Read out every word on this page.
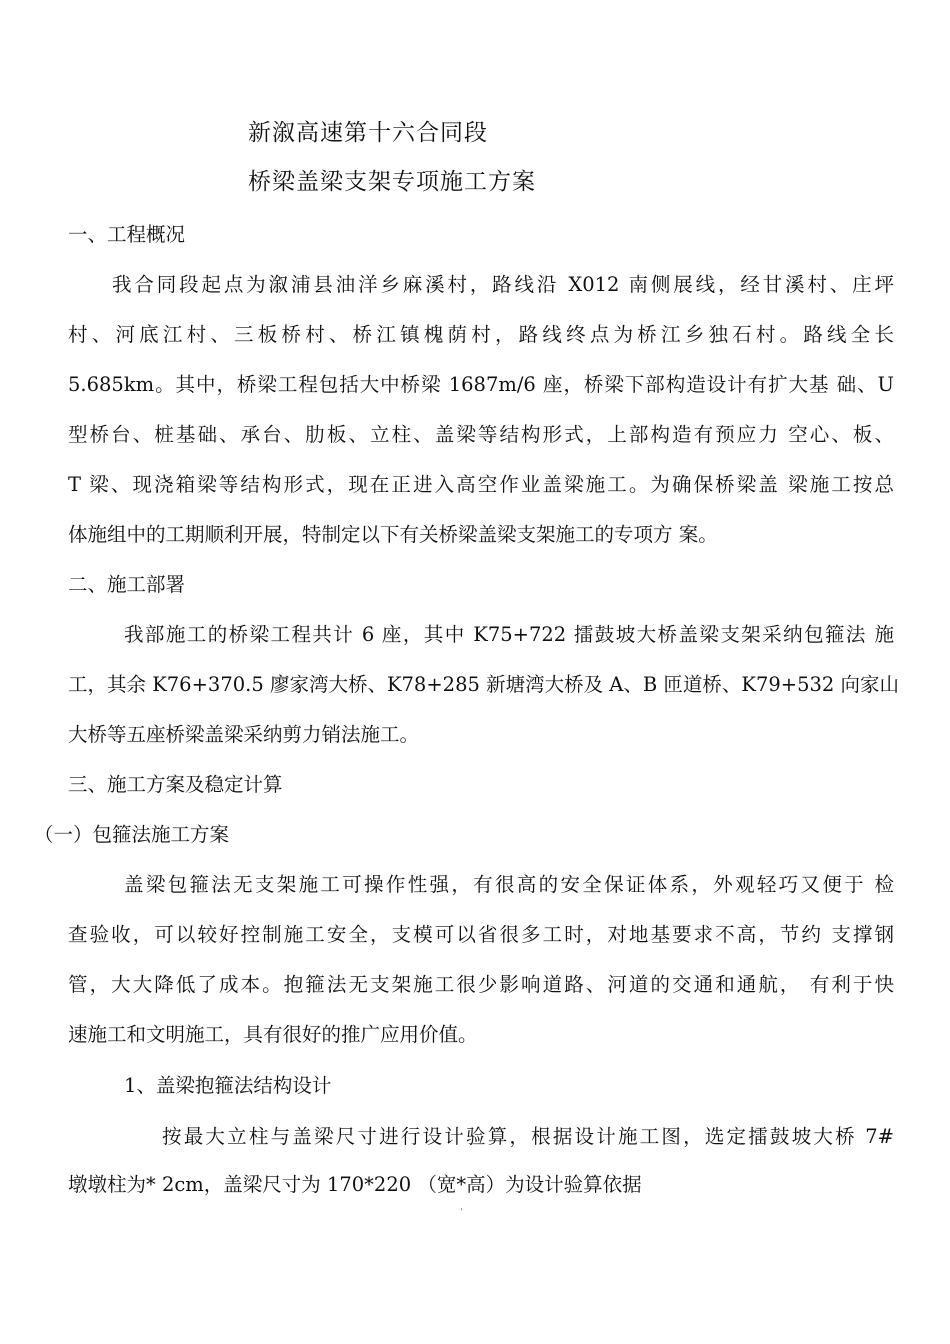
新溆高速第十六合同段
桥梁盖梁支架专项施工方案
一、工程概况
我合同段起点为溆浦县油洋乡麻溪村，路线沿 X012 南侧展线，经甘溪村、庄坪
村、河底江村、三板桥村、桥江镇槐荫村，路线终点为桥江乡独石村。路线全长
5.685km。其中，桥梁工程包括大中桥梁 1687m/6 座，桥梁下部构造设计有扩大基 础、U
型桥台、桩基础、承台、肋板、立柱、盖梁等结构形式，上部构造有预应力 空心、板、
T 梁、现浇箱梁等结构形式，现在正进入高空作业盖梁施工。为确保桥梁盖 梁施工按总
体施组中的工期顺利开展，特制定以下有关桥梁盖梁支架施工的专项方 案。
二、施工部署
我部施工的桥梁工程共计 6 座，其中 K75+722 擂鼓坡大桥盖梁支架采纳包箍法 施
工，其余 K76+370.5 廖家湾大桥、K78+285 新塘湾大桥及 A、B 匝道桥、K79+532 向家山
大桥等五座桥梁盖梁采纳剪力销法施工。
三、施工方案及稳定计算
（一）包箍法施工方案
盖梁包箍法无支架施工可操作性强，有很高的安全保证体系，外观轻巧又便于 检
查验收，可以较好控制施工安全，支模可以省很多工时，对地基要求不高，节约 支撑钢
管，大大降低了成本。抱箍法无支架施工很少影响道路、河道的交通和通航， 有利于快
速施工和文明施工，具有很好的推广应用价值。
1、盖梁抱箍法结构设计
按最大立柱与盖梁尺寸进行设计验算，根据设计施工图，选定擂鼓坡大桥 7#
墩墩柱为* 2cm，盖梁尺寸为 170*220 （宽*高）为设计验算依据
ˈ
